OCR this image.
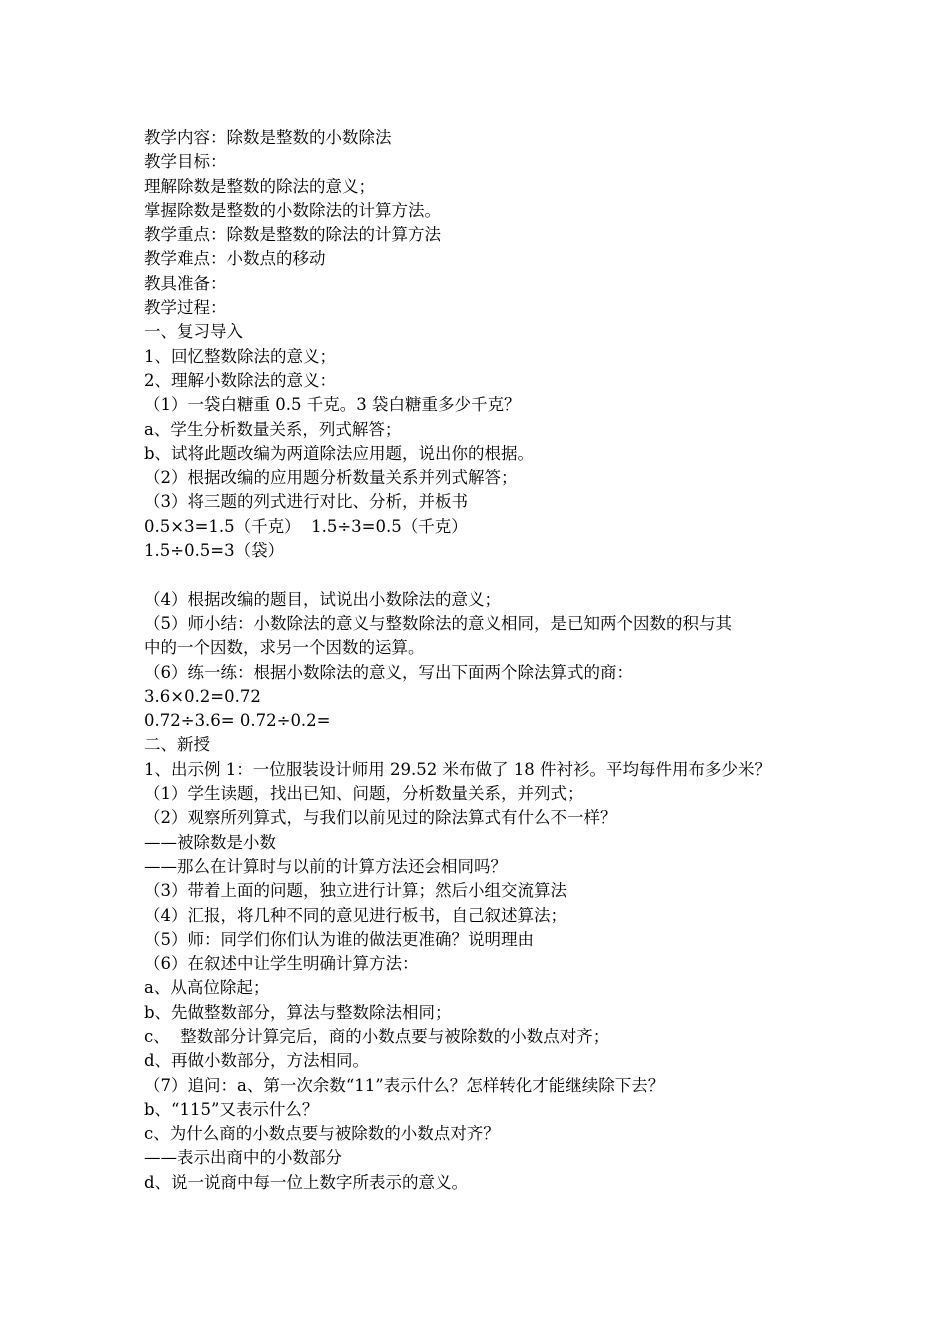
教学内容：除数是整数的小数除法
教学目标：
理解除数是整数的除法的意义；
掌握除数是整数的小数除法的计算方法。
教学重点：除数是整数的除法的计算方法
教学难点：小数点的移动
教具准备：
教学过程：
一、复习导入
1、回忆整数除法的意义；
2、理解小数除法的意义：
（1）一袋白糖重 0.5 千克。3 袋白糖重多少千克？
a、学生分析数量关系，列式解答；
b、试将此题改编为两道除法应用题，说出你的根据。
（2）根据改编的应用题分析数量关系并列式解答；
（3）将三题的列式进行对比、分析，并板书
0.5×3=1.5（千克）  1.5÷3=0.5（千克）
1.5÷0.5=3（袋）
（4）根据改编的题目，试说出小数除法的意义；
（5）师小结：小数除法的意义与整数除法的意义相同，是已知两个因数的积与其
中的一个因数，求另一个因数的运算。
（6）练一练：根据小数除法的意义，写出下面两个除法算式的商：
3.6×0.2=0.72
0.72÷3.6= 0.72÷0.2=
二、新授
1、出示例 1：一位服装设计师用 29.52 米布做了 18 件衬衫。平均每件用布多少米？
（1）学生读题，找出已知、问题，分析数量关系，并列式；
（2）观察所列算式，与我们以前见过的除法算式有什么不一样？
——被除数是小数
——那么在计算时与以前的计算方法还会相同吗？
（3）带着上面的问题，独立进行计算；然后小组交流算法
（4）汇报，将几种不同的意见进行板书，自己叙述算法；
（5）师：同学们你们认为谁的做法更准确？说明理由
（6）在叙述中让学生明确计算方法：
a、从高位除起；
b、先做整数部分，算法与整数除法相同；
c、  整数部分计算完后，商的小数点要与被除数的小数点对齐；
d、再做小数部分，方法相同。
（7）追问：a、第一次余数“11”表示什么？怎样转化才能继续除下去？
b、“115”又表示什么？
c、为什么商的小数点要与被除数的小数点对齐？
——表示出商中的小数部分
d、说一说商中每一位上数字所表示的意义。
